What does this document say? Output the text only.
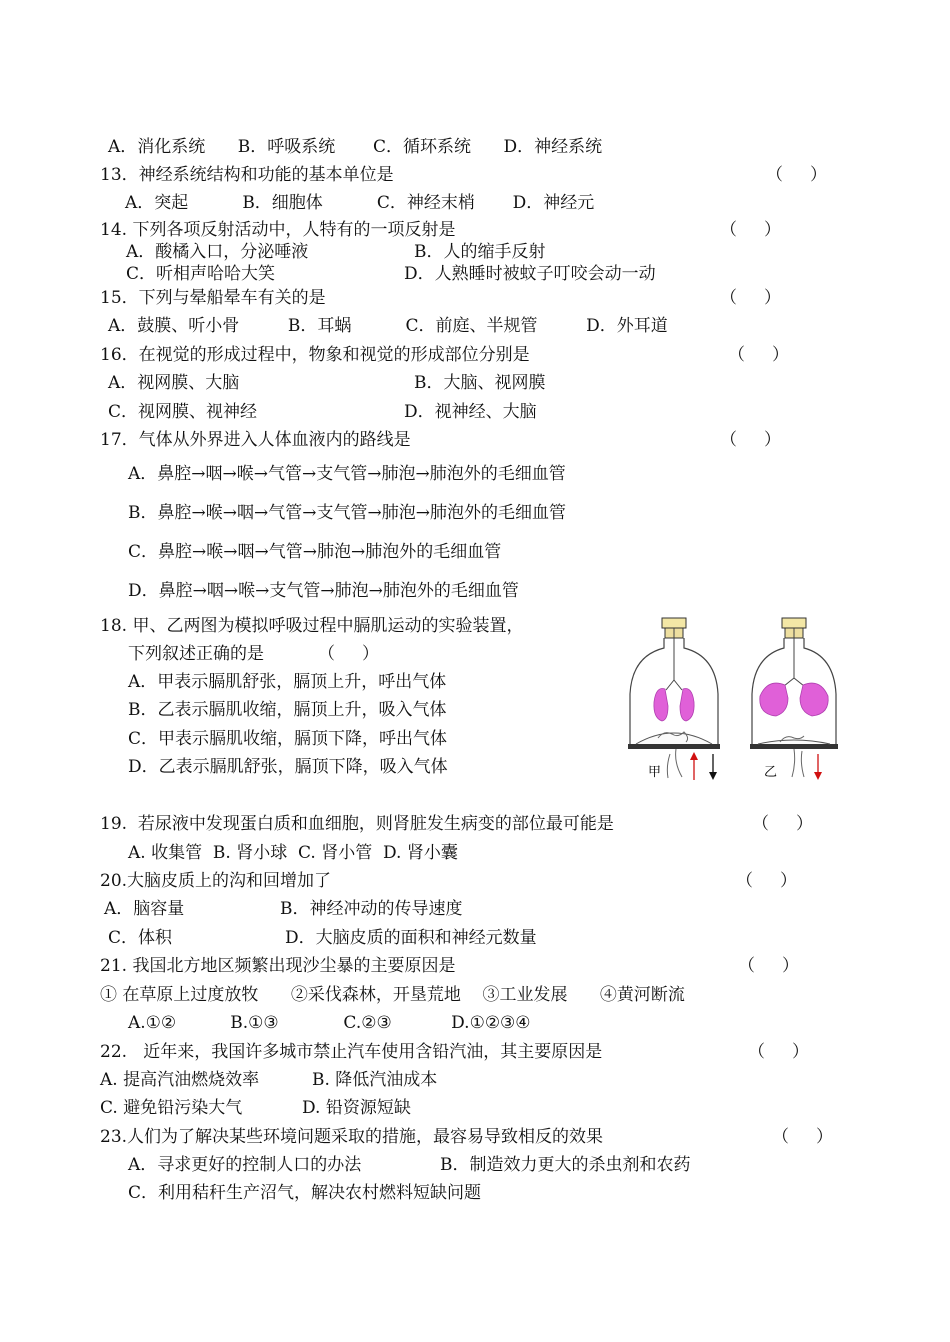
A．消化系统      B．呼吸系统       C．循环系统      D．神经系统
13．神经系统结构和功能的基本单位是	（     ）
A．突起          B．细胞体          C．神经末梢       D．神经元
14. 下列各项反射活动中，人特有的一项反射是	（     ）
A．酸橘入口，分泌唾液	B．人的缩手反射
C．听相声哈哈大笑	D．人熟睡时被蚊子叮咬会动一动
15．下列与晕船晕车有关的是	（     ）
A．鼓膜、听小骨         B．耳蜗          C．前庭、半规管         D．外耳道
16．在视觉的形成过程中，物象和视觉的形成部位分别是	（     ）
A．视网膜、大脑	B．大脑、视网膜
C．视网膜、视神经	D．视神经、大脑
17．气体从外界进入人体血液内的路线是	（     ）
A．鼻腔→咽→喉→气管→支气管→肺泡→肺泡外的毛细血管
B．鼻腔→喉→咽→气管→支气管→肺泡→肺泡外的毛细血管
C．鼻腔→喉→咽→气管→肺泡→肺泡外的毛细血管
D．鼻腔→咽→喉→支气管→肺泡→肺泡外的毛细血管
18. 甲、乙两图为模拟呼吸过程中膈肌运动的实验装置，
下列叙述正确的是          （     ）
A．甲表示膈肌舒张，膈顶上升，呼出气体
B．乙表示膈肌收缩，膈顶上升，吸入气体
C．甲表示膈肌收缩，膈顶下降，呼出气体
D．乙表示膈肌舒张，膈顶下降，吸入气体	甲	乙
19.  若尿液中发现蛋白质和血细胞，则肾脏发生病变的部位最可能是	（     ）
A. 收集管  B. 肾小球  C. 肾小管  D. 肾小囊
20.大脑皮质上的沟和回增加了	（     ）
A．脑容量	B．神经冲动的传导速度
C．体积	D．大脑皮质的面积和神经元数量
21. 我国北方地区频繁出现沙尘暴的主要原因是	（     ）
① 在草原上过度放牧      ②采伐森林，开垦荒地    ③工业发展      ④黄河断流
A.①②          B.①③            C.②③           D.①②③④
22.   近年来，我国许多城市禁止汽车使用含铅汽油，其主要原因是	（     ）
A. 提高汽油燃烧效率	B. 降低汽油成本
C. 避免铅污染大气	D. 铅资源短缺
23.人们为了解决某些环境问题采取的措施，最容易导致相反的效果	（     ）
A．寻求更好的控制人口的办法	B．制造效力更大的杀虫剂和农药
C．利用秸秆生产沼气，解决农村燃料短缺问题
